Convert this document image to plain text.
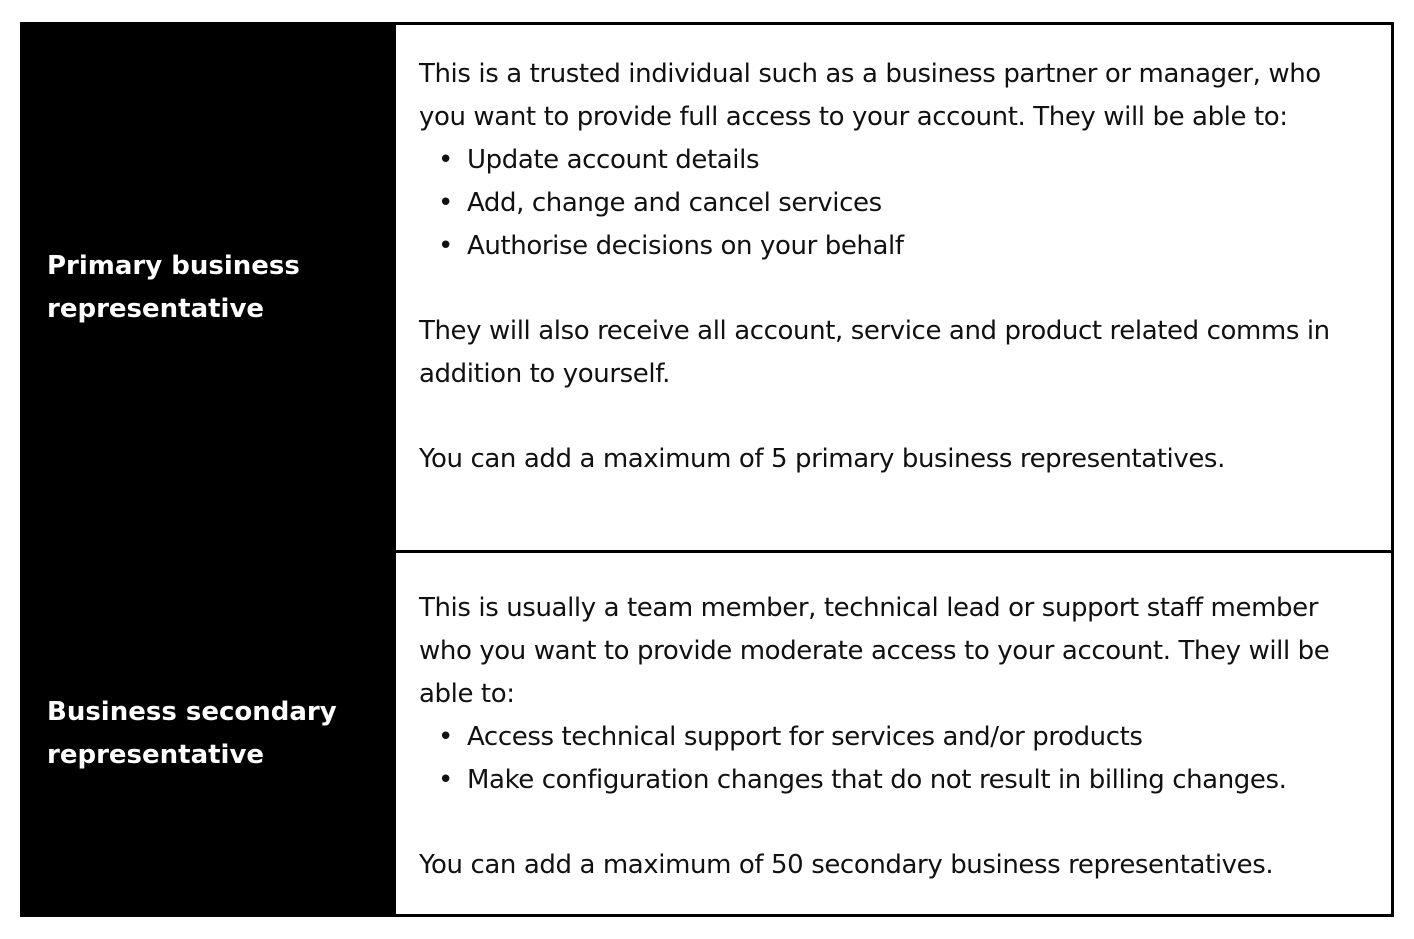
Primary business representative

This is a trusted individual such as a business partner or manager, who you want to provide full access to your account. They will be able to:

• Update account details
• Add, change and cancel services
• Authorise decisions on your behalf

They will also receive all account, service and product related comms in addition to yourself.

You can add a maximum of 5 primary business representatives.

Business secondary representative

This is usually a team member, technical lead or support staff member who you want to provide moderate access to your account. They will be able to:

• Access technical support for services and/or products
• Make configuration changes that do not result in billing changes.

You can add a maximum of 50 secondary business representatives.
